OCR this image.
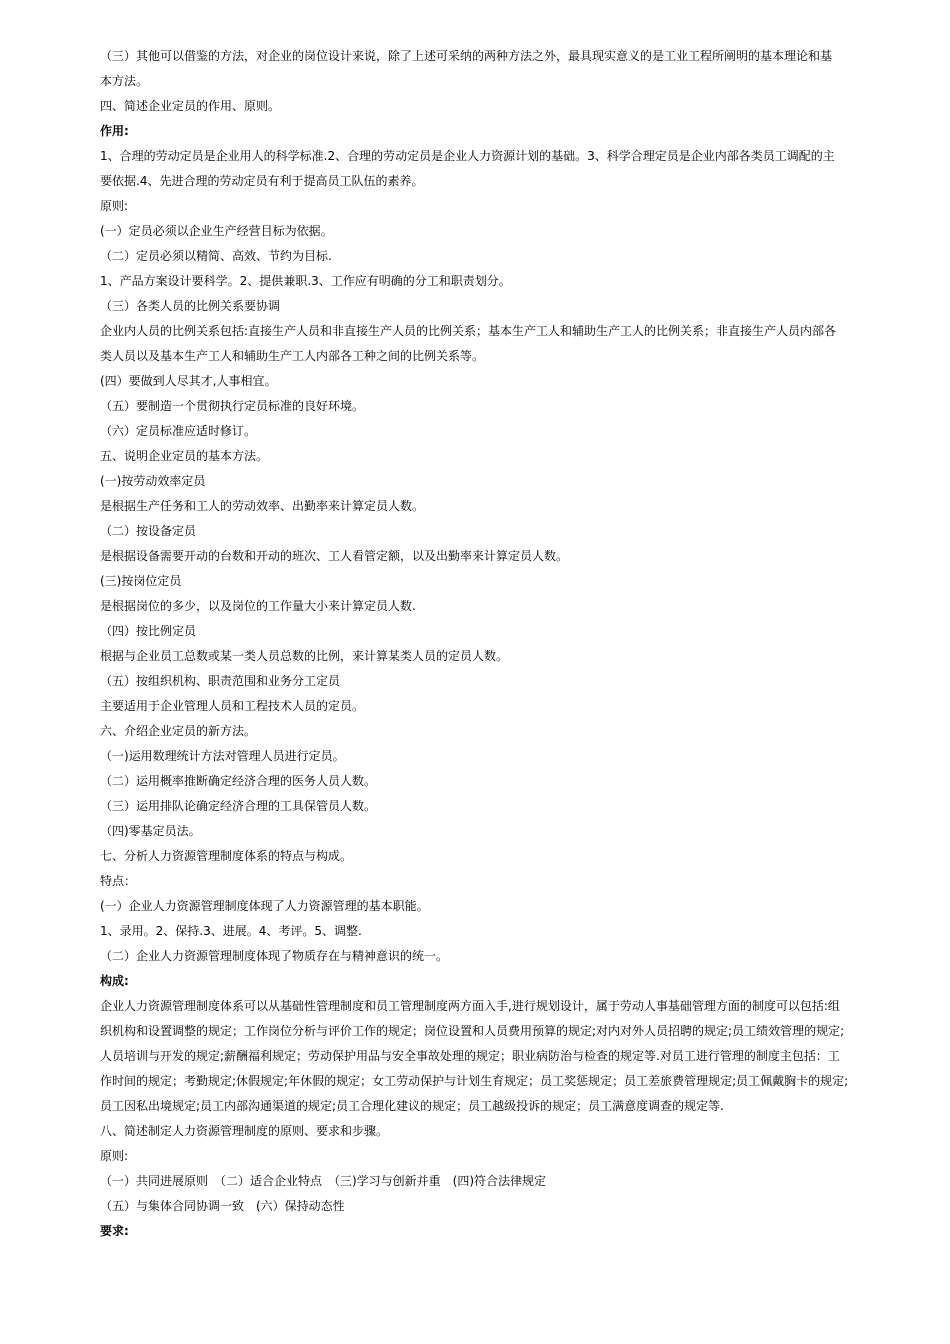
（三）其他可以借鉴的方法，对企业的岗位设计来说，除了上述可采纳的两种方法之外，最具现实意义的是工业工程所阐明的基本理论和基
本方法。
四、简述企业定员的作用、原则。
作用:
1、合理的劳动定员是企业用人的科学标准.2、合理的劳动定员是企业人力资源计划的基础。3、科学合理定员是企业内部各类员工调配的主
要依据.4、先进合理的劳动定员有利于提高员工队伍的素养。
原则:
(一）定员必须以企业生产经营目标为依据。
（二）定员必须以精简、高效、节约为目标.
1、产品方案设计要科学。2、提供兼职.3、工作应有明确的分工和职责划分。
（三）各类人员的比例关系要协调
企业内人员的比例关系包括:直接生产人员和非直接生产人员的比例关系；基本生产工人和辅助生产工人的比例关系；非直接生产人员内部各
类人员以及基本生产工人和辅助生产工人内部各工种之间的比例关系等。
(四）要做到人尽其才,人事相宜。
（五）要制造一个贯彻执行定员标准的良好环境。
（六）定员标准应适时修订。
五、说明企业定员的基本方法。
(一)按劳动效率定员
是根据生产任务和工人的劳动效率、出勤率来计算定员人数。
（二）按设备定员
是根据设备需要开动的台数和开动的班次、工人看管定额，以及出勤率来计算定员人数。
(三)按岗位定员
是根据岗位的多少，以及岗位的工作量大小来计算定员人数.
（四）按比例定员
根据与企业员工总数或某一类人员总数的比例，来计算某类人员的定员人数。
（五）按组织机构、职责范围和业务分工定员
主要适用于企业管理人员和工程技术人员的定员。
六、介绍企业定员的新方法。
（一)运用数理统计方法对管理人员进行定员。
（二）运用概率推断确定经济合理的医务人员人数。
（三）运用排队论确定经济合理的工具保管员人数。
（四)零基定员法。
七、分析人力资源管理制度体系的特点与构成。
特点：
(一）企业人力资源管理制度体现了人力资源管理的基本职能。
1、录用。2、保持.3、进展。4、考评。5、调整.
（二）企业人力资源管理制度体现了物质存在与精神意识的统一。
构成:
企业人力资源管理制度体系可以从基础性管理制度和员工管理制度两方面入手,进行规划设计，属于劳动人事基础管理方面的制度可以包括:组
织机构和设置调整的规定；工作岗位分析与评价工作的规定；岗位设置和人员费用预算的规定;对内对外人员招聘的规定;员工绩效管理的规定;
人员培训与开发的规定;薪酬福利规定；劳动保护用品与安全事故处理的规定；职业病防治与检查的规定等.对员工进行管理的制度主包括：工
作时间的规定；考勤规定;休假规定;年休假的规定；女工劳动保护与计划生育规定；员工奖惩规定；员工差旅费管理规定;员工佩戴胸卡的规定;
员工因私出境规定;员工内部沟通渠道的规定;员工合理化建议的规定；员工越级投诉的规定；员工满意度调查的规定等.
八、简述制定人力资源管理制度的原则、要求和步骤。
原则:
（一）共同进展原则　（二）适合企业特点　（三)学习与创新并重　(四)符合法律规定
（五）与集体合同协调一致　(六）保持动态性
要求:
